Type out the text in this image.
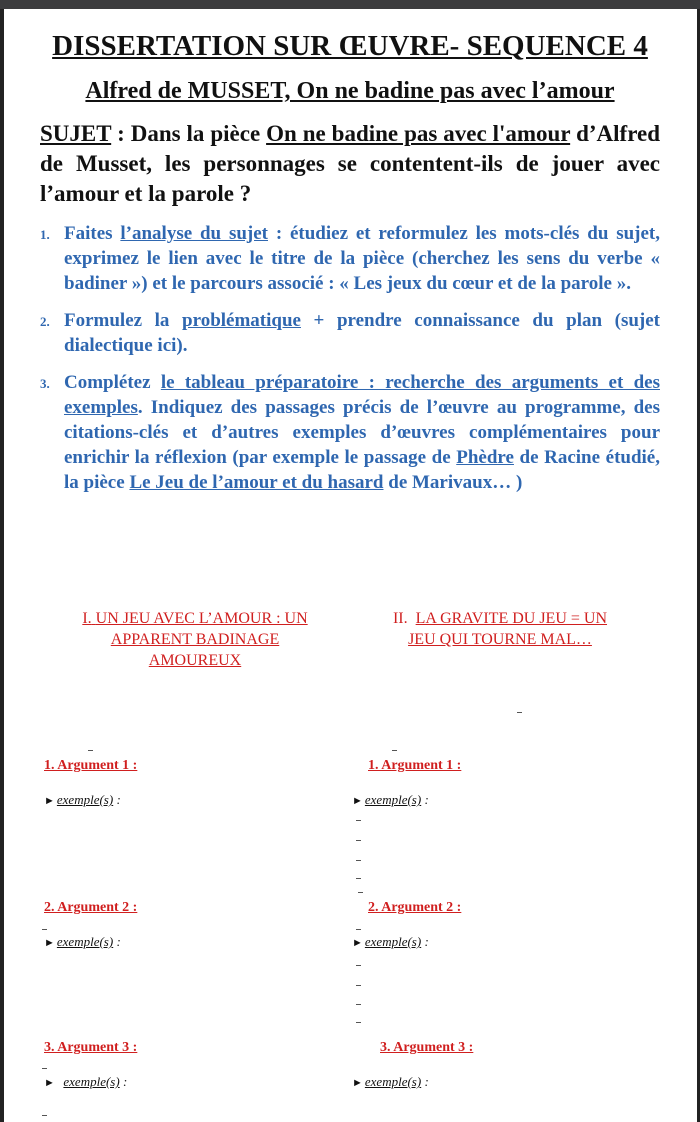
DISSERTATION SUR ŒUVRE- SEQUENCE 4

Alfred de MUSSET, On ne badine pas avec l’amour

SUJET : Dans la pièce On ne badine pas avec l'amour d’Alfred de Musset, les personnages se contentent-ils de jouer avec l’amour et la parole ?

1. Faites l’analyse du sujet : étudiez et reformulez les mots-clés du sujet, exprimez le lien avec le titre de la pièce (cherchez les sens du verbe « badiner ») et le parcours associé : « Les jeux du cœur et de la parole ».
2. Formulez la problématique + prendre connaissance du plan (sujet dialectique ici).
3. Complétez le tableau préparatoire : recherche des arguments et des exemples. Indiquez des passages précis de l’œuvre au programme, des citations-clés et d’autres exemples d’œuvres complémentaires pour enrichir la réflexion (par exemple le passage de Phèdre de Racine étudié, la pièce Le Jeu de l’amour et du hasard de Marivaux… )
I. UN JEU AVEC L’AMOUR : UN
APPARENT BADINAGE
AMOUREUX
II. LA GRAVITE DU JEU = UN
JEU QUI TOURNE MAL…
1. Argument 1 :
► exemple(s) :
2. Argument 2 :
► exemple(s) :
3. Argument 3 :
► exemple(s) :
1. Argument 1 :
► exemple(s) :
2. Argument 2 :
► exemple(s) :
3. Argument 3 :
► exemple(s) :
